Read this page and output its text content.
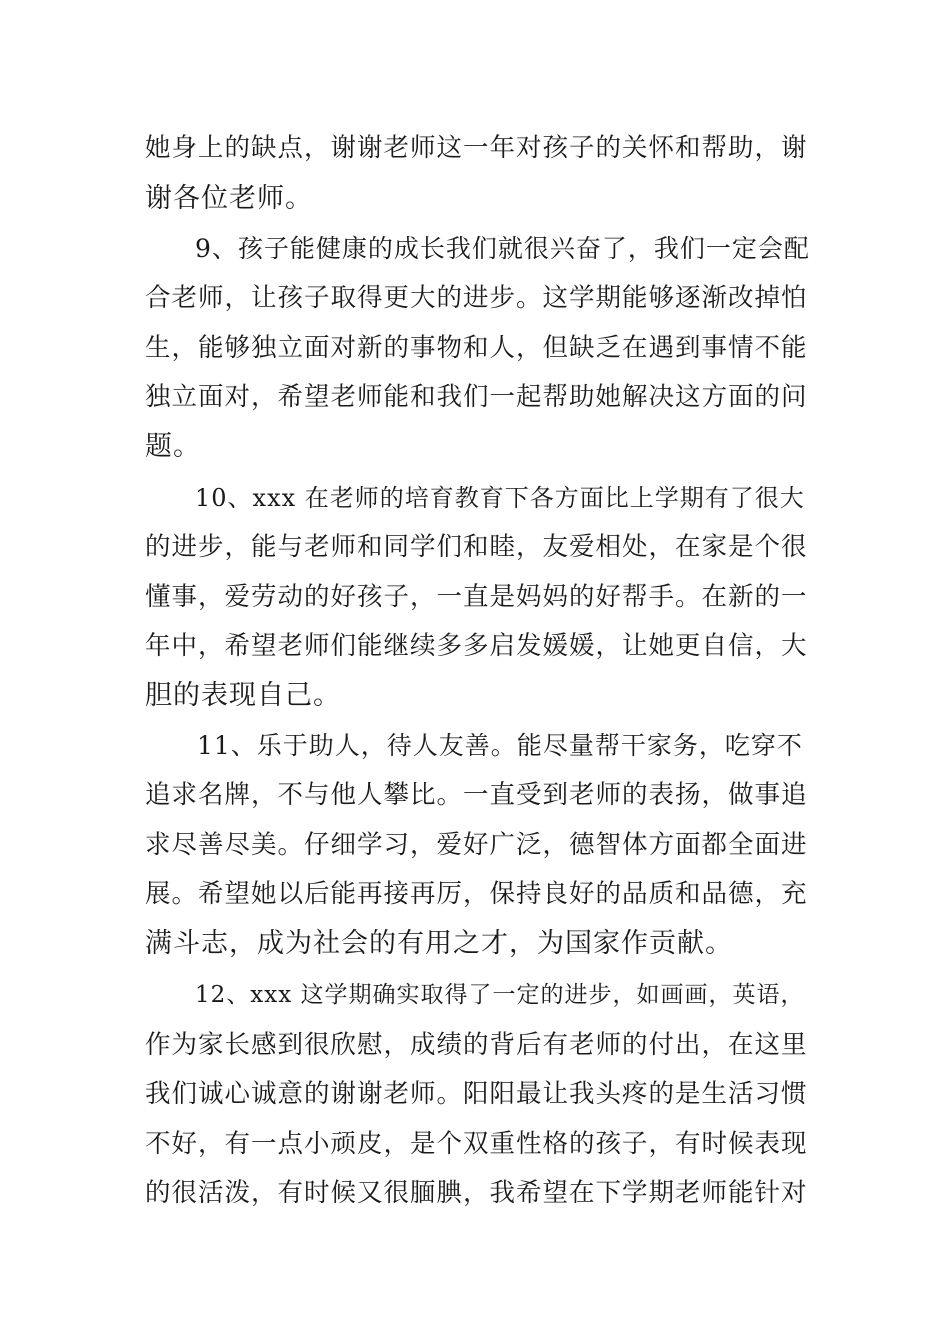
她身上的缺点，谢谢老师这一年对孩子的关怀和帮助，谢
谢各位老师。
9、孩子能健康的成长我们就很兴奋了，我们一定会配
合老师，让孩子取得更大的进步。这学期能够逐渐改掉怕
生，能够独立面对新的事物和人，但缺乏在遇到事情不能
独立面对，希望老师能和我们一起帮助她解决这方面的问
题。
10、xxx 在老师的培育教育下各方面比上学期有了很大
的进步，能与老师和同学们和睦，友爱相处，在家是个很
懂事，爱劳动的好孩子，一直是妈妈的好帮手。在新的一
年中，希望老师们能继续多多启发媛媛，让她更自信，大
胆的表现自己。
11、乐于助人，待人友善。能尽量帮干家务，吃穿不
追求名牌，不与他人攀比。一直受到老师的表扬，做事追
求尽善尽美。仔细学习，爱好广泛，德智体方面都全面进
展。希望她以后能再接再厉，保持良好的品质和品德，充
满斗志，成为社会的有用之才，为国家作贡献。
12、xxx 这学期确实取得了一定的进步，如画画，英语，
作为家长感到很欣慰，成绩的背后有老师的付出，在这里
我们诚心诚意的谢谢老师。阳阳最让我头疼的是生活习惯
不好，有一点小顽皮，是个双重性格的孩子，有时候表现
的很活泼，有时候又很腼腆，我希望在下学期老师能针对
